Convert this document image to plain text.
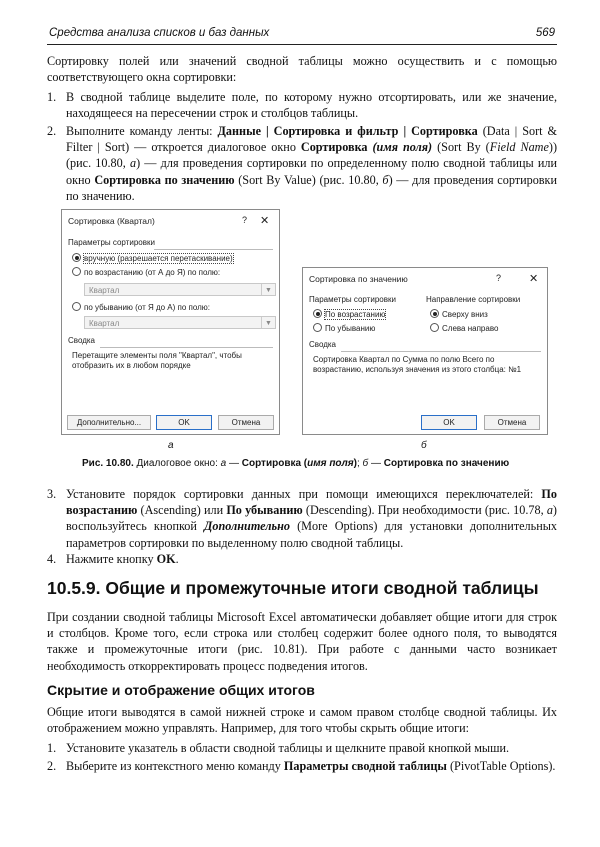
Средства анализа списков и баз данных	569
Сортировку полей или значений сводной таблицы можно осуществить и с помощью соответствующего окна сортировки:
1. В сводной таблице выделите поле, по которому нужно отсортировать, или же значение, находящееся на пересечении строк и столбцов таблицы.
2. Выполните команду ленты: Данные | Сортировка и фильтр | Сортировка (Data | Sort & Filter | Sort) — откроется диалоговое окно Сортировка (имя поля) (Sort By (Field Name)) (рис. 10.80, а) — для проведения сортировки по определенному полю сводной таблицы или окно Сортировка по значению (Sort By Value) (рис. 10.80, б) — для проведения сортировки по значению.
Сортировка (Квартал)	? ✕
Параметры сортировки
вручную (разрешается перетаскивание)
по возрастанию (от А до Я) по полю:
Квартал	▼
по убыванию (от Я до А) по полю:
Квартал	▼
Сводка
Перетащите элементы поля "Квартал", чтобы отобразить их в любом порядке
Дополнительно...	OK	Отмена
Сортировка по значению	?	✕
Параметры сортировки	Направление сортировки
По возрастанию
По убыванию
Сверху вниз
Слева направо
Сводка
Сортировка Квартал по Сумма по полю Всего по возрастанию, используя значения из этого столбца: №1
OK	Отмена
а	б
Рис. 10.80. Диалоговое окно: а — Сортировка (имя поля); б — Сортировка по значению
3. Установите порядок сортировки данных при помощи имеющихся переключателей: По возрастанию (Ascending) или По убыванию (Descending). При необходимости (рис. 10.78, а) воспользуйтесь кнопкой Дополнительно (More Options) для установки дополнительных параметров сортировки по выделенному полю сводной таблицы.
4. Нажмите кнопку OK.
10.5.9. Общие и промежуточные итоги сводной таблицы
При создании сводной таблицы Microsoft Excel автоматически добавляет общие итоги для строк и столбцов. Кроме того, если строка или столбец содержит более одного поля, то выводятся также и промежуточные итоги (рис. 10.81). При работе с данными часто возникает необходимость откорректировать процесс подведения итогов.
Скрытие и отображение общих итогов
Общие итоги выводятся в самой нижней строке и самом правом столбце сводной таблицы. Их отображением можно управлять. Например, для того чтобы скрыть общие итоги:
1. Установите указатель в области сводной таблицы и щелкните правой кнопкой мыши.
2. Выберите из контекстного меню команду Параметры сводной таблицы (PivotTable Options).
